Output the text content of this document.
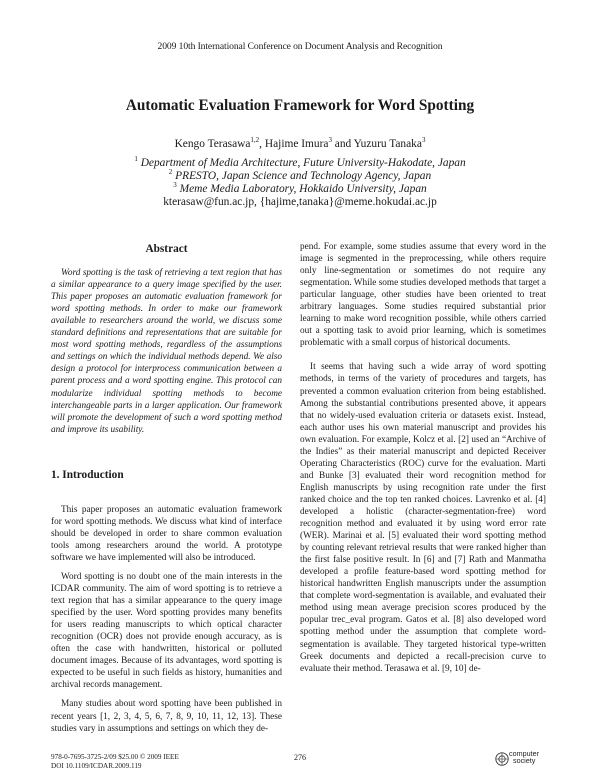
2009 10th International Conference on Document Analysis and Recognition
Automatic Evaluation Framework for Word Spotting
Kengo Terasawa$^{1,2}$, Hajime Imura$^3$ and Yuzuru Tanaka$^3$
$^1$ Department of Media Architecture, Future University-Hakodate, Japan
$^2$ PRESTO, Japan Science and Technology Agency, Japan
$^3$ Meme Media Laboratory, Hokkaido University, Japan
kterasaw@fun.ac.jp, {hajime,tanaka}@meme.hokudai.ac.jp
Abstract

Word spotting is the task of retrieving a text region that has a similar appearance to a query image specified by the user. This paper proposes an automatic evaluation framework for word spotting methods. In order to make our framework available to researchers around the world, we discuss some standard definitions and representations that are suitable for most word spotting methods, regardless of the assumptions and settings on which the individual methods depend. We also design a protocol for interprocess communication between a parent process and a word spotting engine. This protocol can modularize individual spotting methods to become interchangeable parts in a larger application. Our framework will promote the development of such a word spotting method and improve its usability.

1. Introduction

This paper proposes an automatic evaluation framework for word spotting methods. We discuss what kind of interface should be developed in order to share common evaluation tools among researchers around the world. A prototype software we have implemented will also be introduced.

Word spotting is no doubt one of the main interests in the ICDAR community. The aim of word spotting is to retrieve a text region that has a similar appearance to the query image specified by the user. Word spotting provides many benefits for users reading manuscripts to which optical character recognition (OCR) does not provide enough accuracy, as is often the case with handwritten, historical or polluted document images. Because of its advantages, word spotting is expected to be useful in such fields as history, humanities and archival records management.

Many studies about word spotting have been published in recent years [1, 2, 3, 4, 5, 6, 7, 8, 9, 10, 11, 12, 13]. These studies vary in assumptions and settings on which they de-

pend. For example, some studies assume that every word in the image is segmented in the preprocessing, while others require only line-segmentation or sometimes do not require any segmentation. While some studies developed methods that target a particular language, other studies have been oriented to treat arbitrary languages. Some studies required substantial prior learning to make word recognition possible, while others carried out a spotting task to avoid prior learning, which is sometimes problematic with a small corpus of historical documents.

It seems that having such a wide array of word spotting methods, in terms of the variety of procedures and targets, has prevented a common evaluation criterion from being established. Among the substantial contributions presented above, it appears that no widely-used evaluation criteria or datasets exist. Instead, each author uses his own material manuscript and provides his own evaluation. For example, Kolcz et al. [2] used an “Archive of the Indies” as their material manuscript and depicted Receiver Operating Characteristics (ROC) curve for the evaluation. Marti and Bunke [3] evaluated their word recognition method for English manuscripts by using recognition rate under the first ranked choice and the top ten ranked choices. Lavrenko et al. [4] developed a holistic (character-segmentation-free) word recognition method and evaluated it by using word error rate (WER). Marinai et al. [5] evaluated their word spotting method by counting relevant retrieval results that were ranked higher than the first false positive result. In [6] and [7] Rath and Manmatha developed a profile feature-based word spotting method for historical handwritten English manuscripts under the assumption that complete word-segmentation is available, and evaluated their method using mean average precision scores produced by the popular trec_eval program. Gatos et al. [8] also developed word spotting method under the assumption that complete word-segmentation is available. They targeted historical type-written Greek documents and depicted a recall-precision curve to evaluate their method. Terasawa et al. [9, 10] de-

978-0-7695-3725-2/09 $25.00 © 2009 IEEE
DOI 10.1109/ICDAR.2009.119
276	computer
society
